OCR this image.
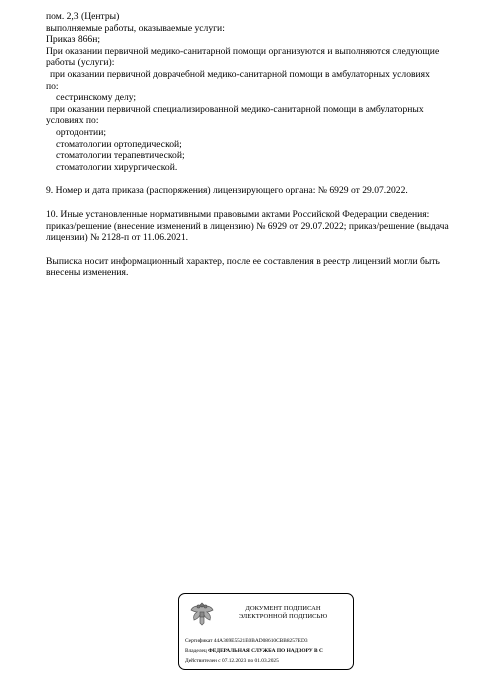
пом. 2,3 (Центры)
выполняемые работы, оказываемые услуги:
Приказ 866н;
При оказании первичной медико-санитарной помощи организуются и выполняются следующие
работы (услуги):
при оказании первичной доврачебной медико-санитарной помощи в амбулаторных условиях
по:
сестринскому делу;
при оказании первичной специализированной медико-санитарной помощи в амбулаторных
условиях по:
ортодонтии;
стоматологии ортопедической;
стоматологии терапевтической;
стоматологии хирургической.
9. Номер и дата приказа (распоряжения) лицензирующего органа: № 6929 от 29.07.2022.
10. Иные установленные нормативными правовыми актами Российской Федерации сведения:
приказ/решение (внесение изменений в лицензию) № 6929 от 29.07.2022; приказ/решение (выдача
лицензии) № 2128-п от 11.06.2021.
Выписка носит информационный характер, после ее составления в реестр лицензий могли быть
внесены изменения.
ДОКУМЕНТ ПОДПИСАН
ЭЛЕКТРОННОЙ ПОДПИСЬЮ
Сертификат 44A369E5521E0BAD08610CBB8257ED3
Владелец ФЕДЕРАЛЬНАЯ СЛУЖБА ПО НАДЗОРУ В С
Действителен с 07.12.2023 по 01.03.2025
